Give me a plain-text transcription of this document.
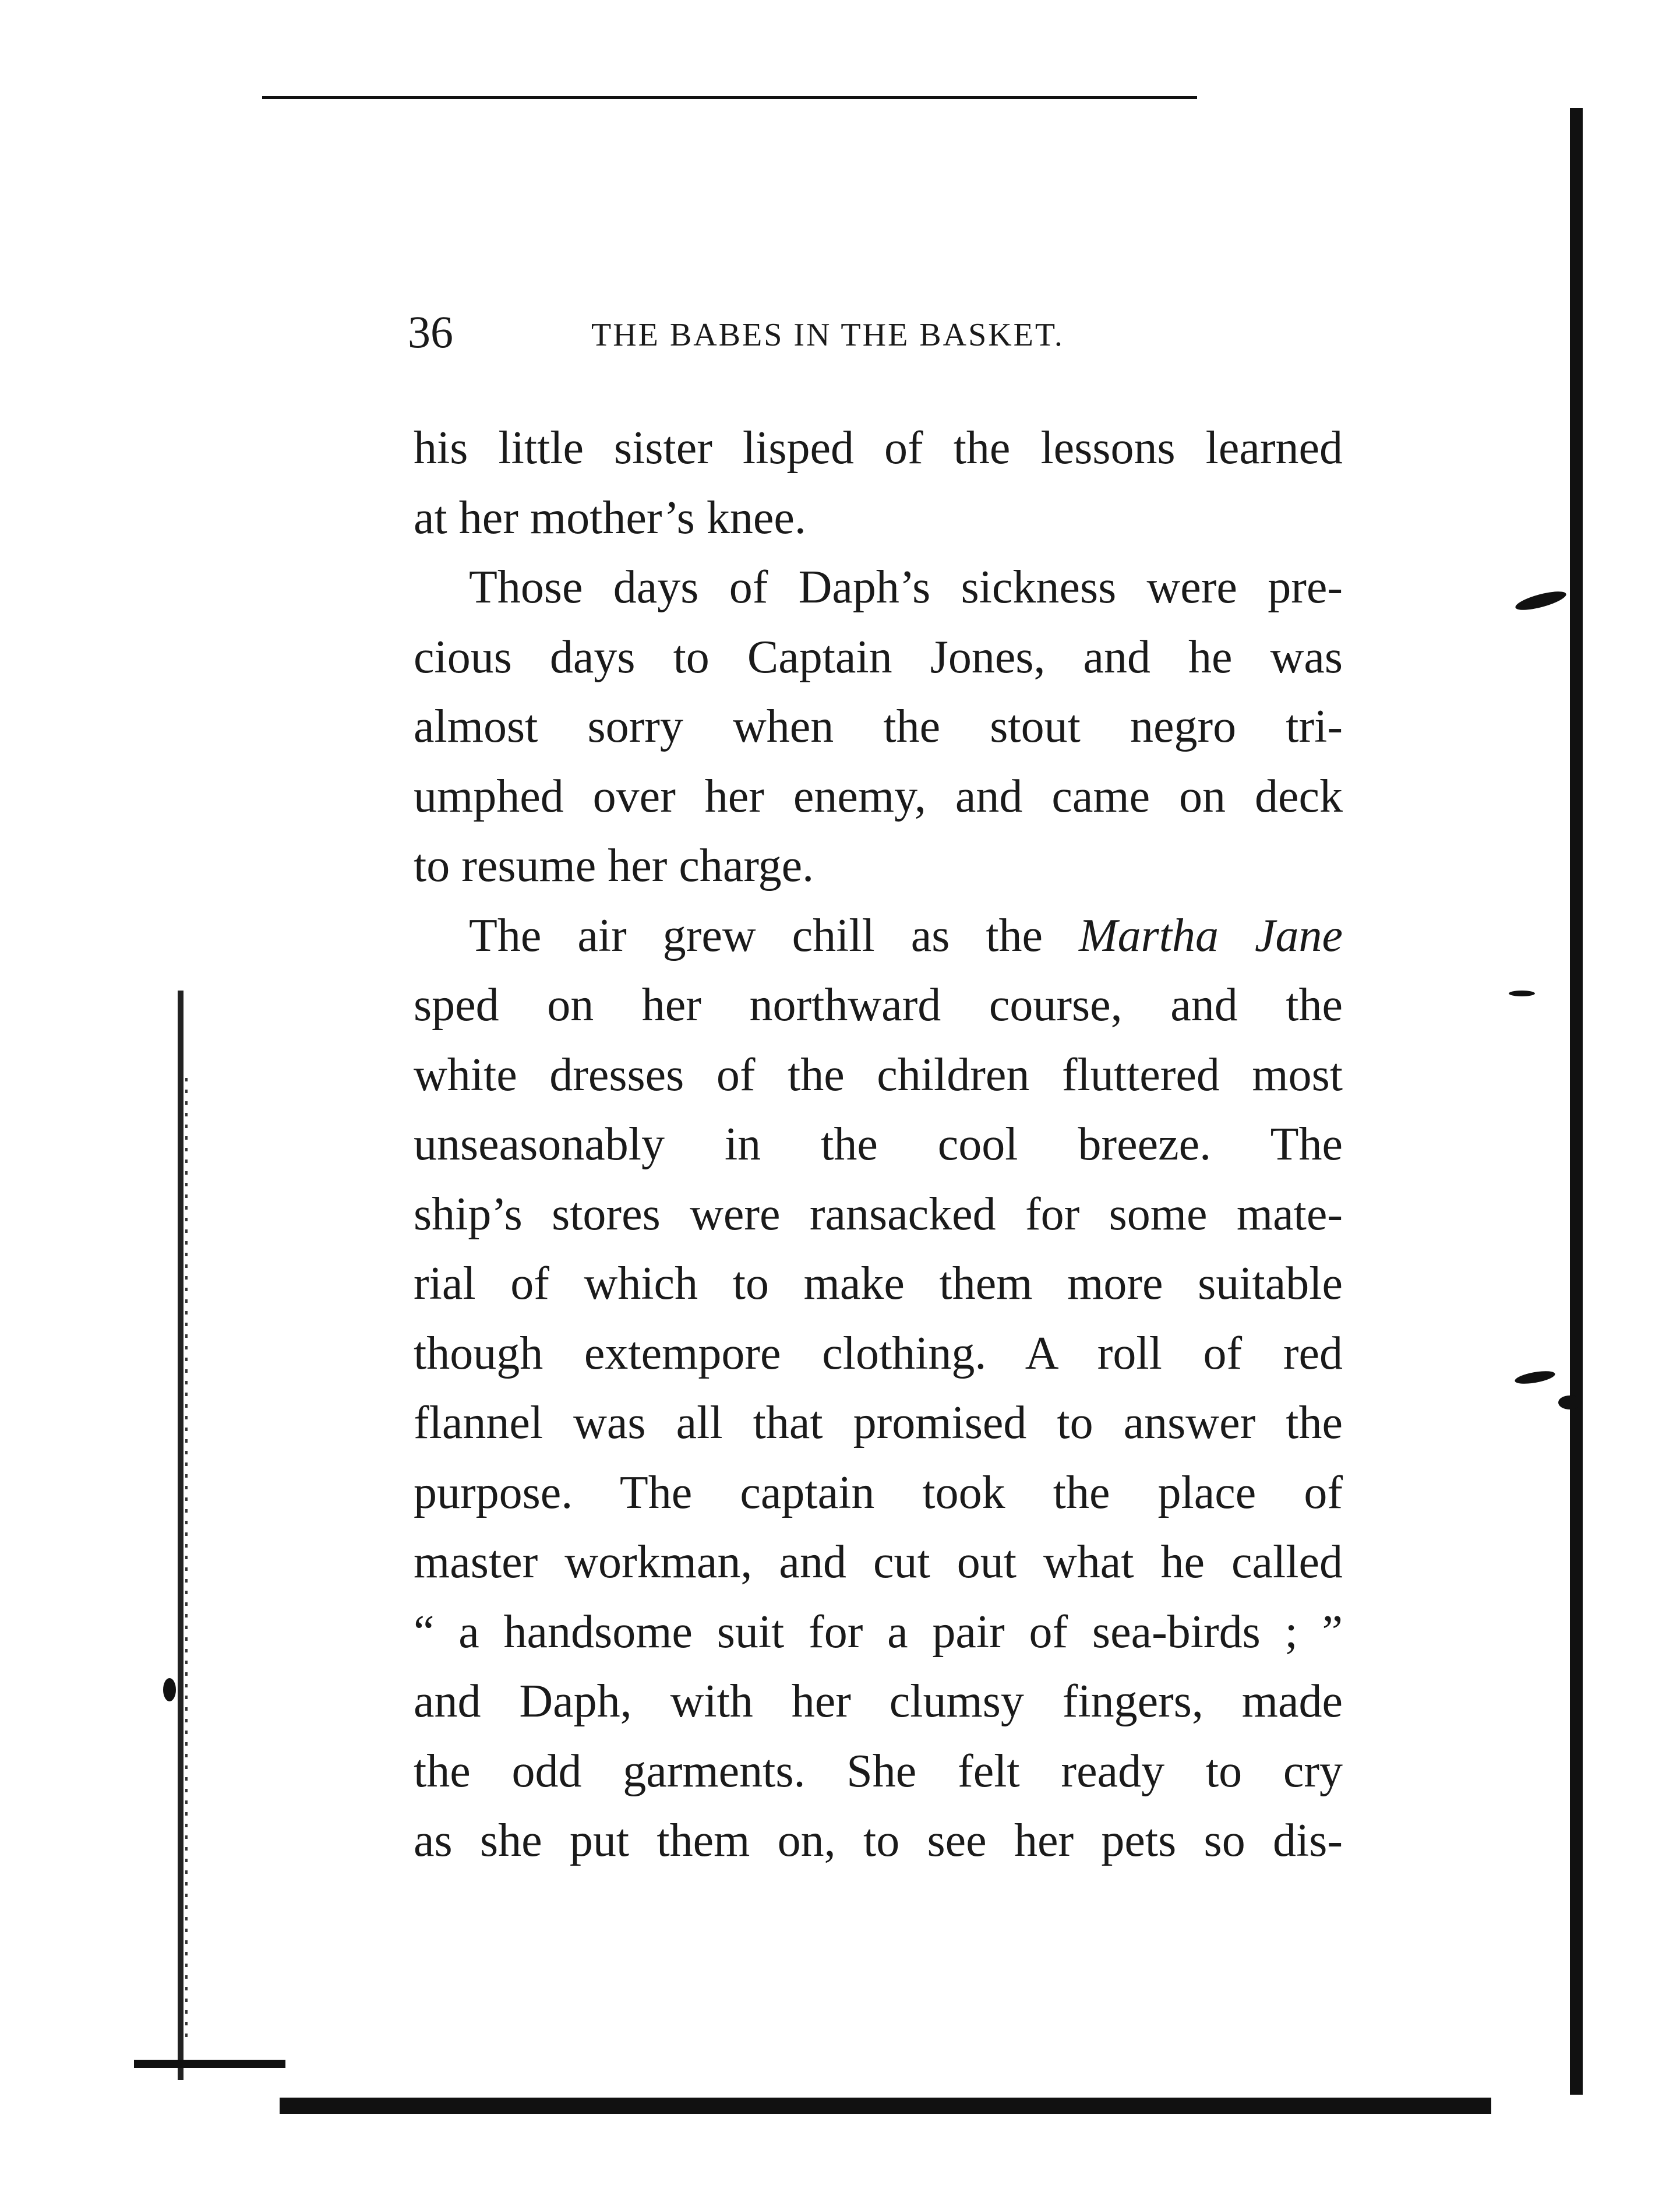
36	THE BABES IN THE BASKET.
his little sister lisped of the lessons learned
at her mother’s knee.
Those days of Daph’s sickness were pre-
cious days to Captain Jones, and he was
almost sorry when the stout negro tri-
umphed over her enemy, and came on deck
to resume her charge.
The air grew chill as the Martha Jane
sped on her northward course, and the
white dresses of the children fluttered most
unseasonably in the cool breeze. The
ship’s stores were ransacked for some mate-
rial of which to make them more suitable
though extempore clothing. A roll of red
flannel was all that promised to answer the
purpose. The captain took the place of
master workman, and cut out what he called
“ a handsome suit for a pair of sea-birds ; ”
and Daph, with her clumsy fingers, made
the odd garments. She felt ready to cry
as she put them on, to see her pets so dis-
